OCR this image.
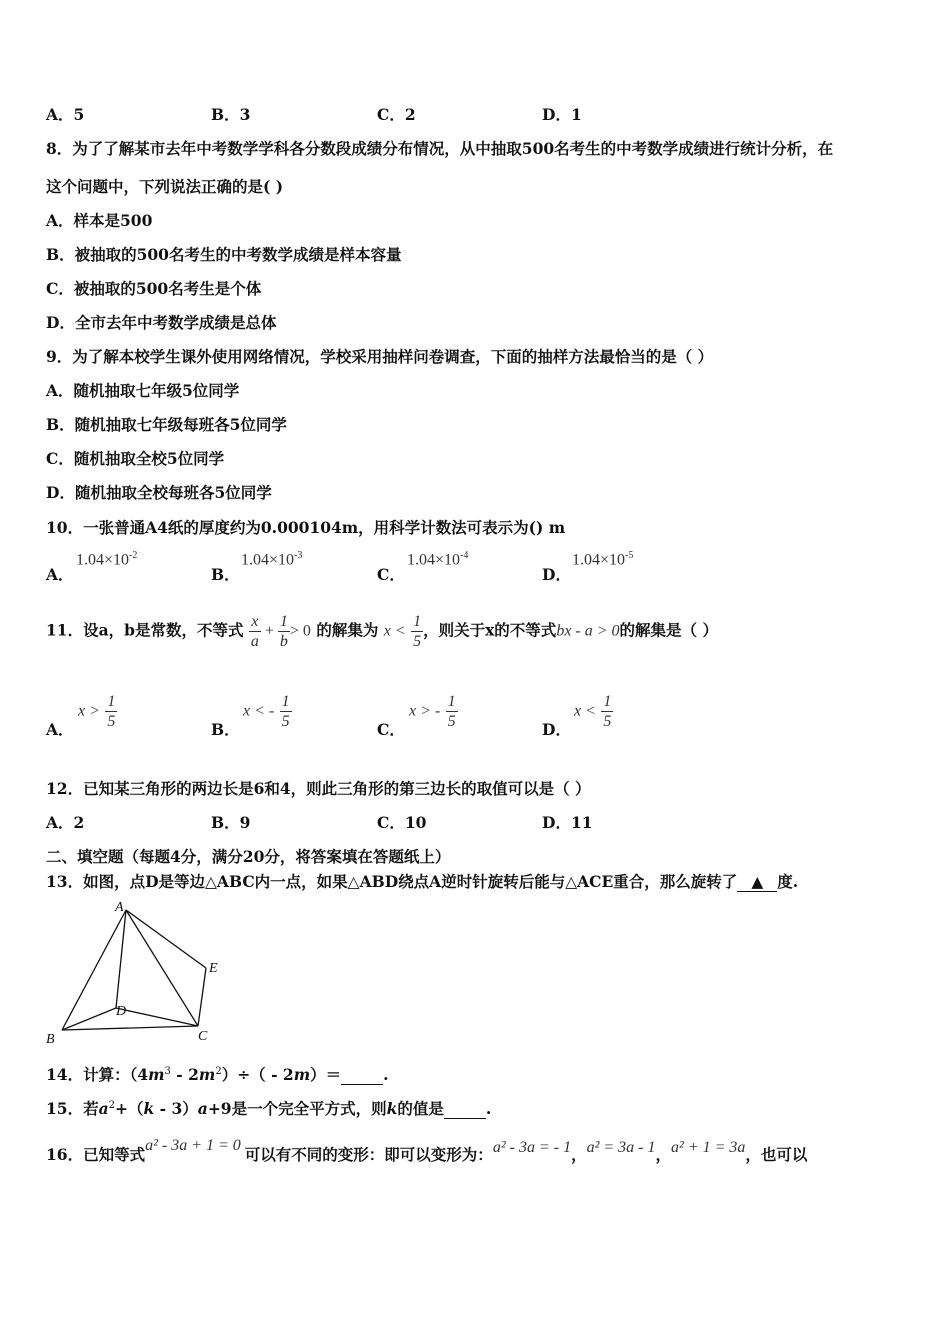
A．5	B．3	C．2	D．1
8．为了了解某市去年中考数学学科各分数段成绩分布情况，从中抽取500名考生的中考数学成绩进行统计分析，在
这个问题中，下列说法正确的是( )
A．样本是500
B．被抽取的500名考生的中考数学成绩是样本容量
C．被抽取的500名考生是个体
D．全市去年中考数学成绩是总体
9．为了解本校学生课外使用网络情况，学校采用抽样问卷调查，下面的抽样方法最恰当的是（ ）
A．随机抽取七年级5位同学
B．随机抽取七年级每班各5位同学
C．随机抽取全校5位同学
D．随机抽取全校每班各5位同学
10．一张普通A4纸的厚度约为0.000104m，用科学计数法可表示为() m
A．
$1.04\times 10^{-2}$
B．
$1.04\times 10^{-3}$
C．
$1.04\times 10^{-4}$
D．
$1.04\times 10^{-5}$
11．设a，b是常数，不等式 $\frac{x}{a} + \frac{1}{b} > 0$ 的解集为 $x < \frac{1}{5}$ ，则关于x的不等式bx - a > 0的解集是（ ）
A．
$x > \frac{1}{5}$	B．
x < - $\frac{1}{5}$	C．
x > - $\frac{1}{5}$	D．
$x < \frac{1}{5}$
12．已知某三角形的两边长是6和4，则此三角形的第三边长的取值可以是（ ）
A．2	B．9	C．10	D．11
二、填空题（每题4分，满分20分，将答案填在答题纸上）
13．如图，点D是等边△ABC内一点，如果△ABD绕点A逆时针旋转后能与△ACE重合，那么旋转了 ▲ 度.
A
B	C
D
E
14．计算：$(4m^3 - 2m^2)\div( - 2m)=$	.
15．若$a^2+(k - 3)a+9$是一个完全平方式，则k的值是	.
16．已知等式a² - 3a + 1 = 0 可以有不同的变形：即可以变形为：a² - 3a = - 1，a² = 3a - 1，a² + 1 = 3a，也可以
